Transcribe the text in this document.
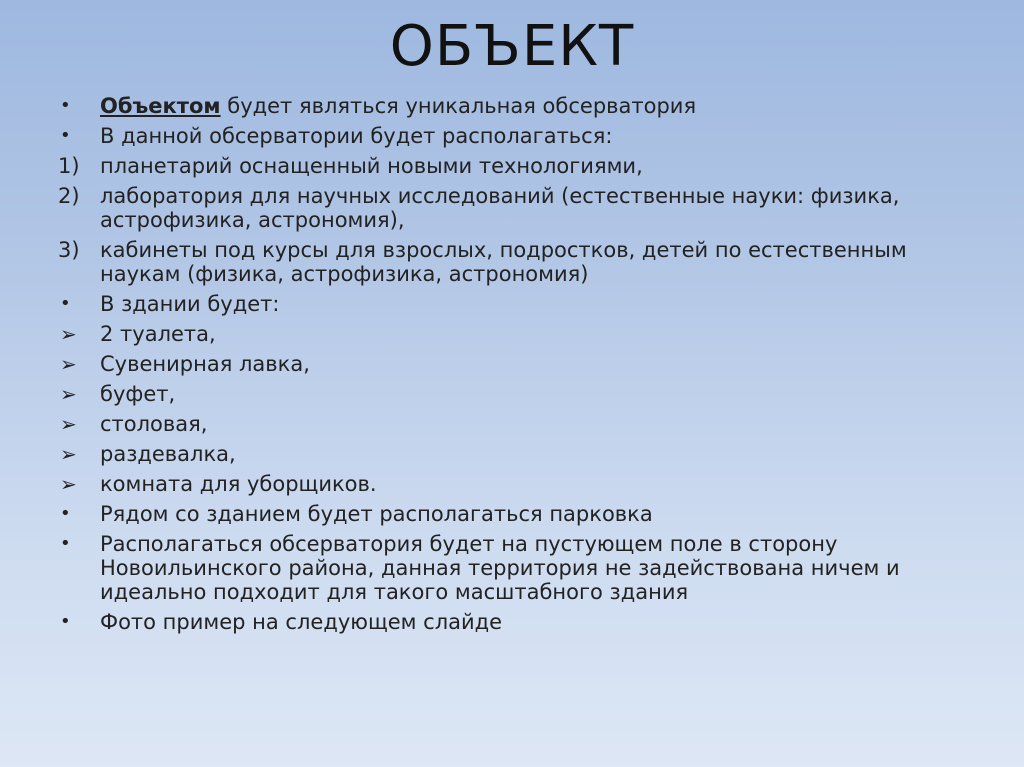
ОБЪЕКТ
• Объектом будет являться уникальная обсерватория
• В данной обсерватории будет располагаться:
1) планетарий оснащенный новыми технологиями,
2) лаборатория для научных исследований (естественные науки: физика, астрофизика, астрономия),
3) кабинеты под курсы для взрослых, подростков, детей по естественным наукам (физика, астрофизика, астрономия)
• В здании будет:
➢ 2 туалета,
➢ Сувенирная лавка,
➢ буфет,
➢ столовая,
➢ раздевалка,
➢ комната для уборщиков.
• Рядом со зданием будет располагаться парковка
• Располагаться обсерватория будет на пустующем поле в сторону Новоильинского района, данная территория не задействована ничем и идеально подходит для такого масштабного здания
• Фото пример на следующем слайде
